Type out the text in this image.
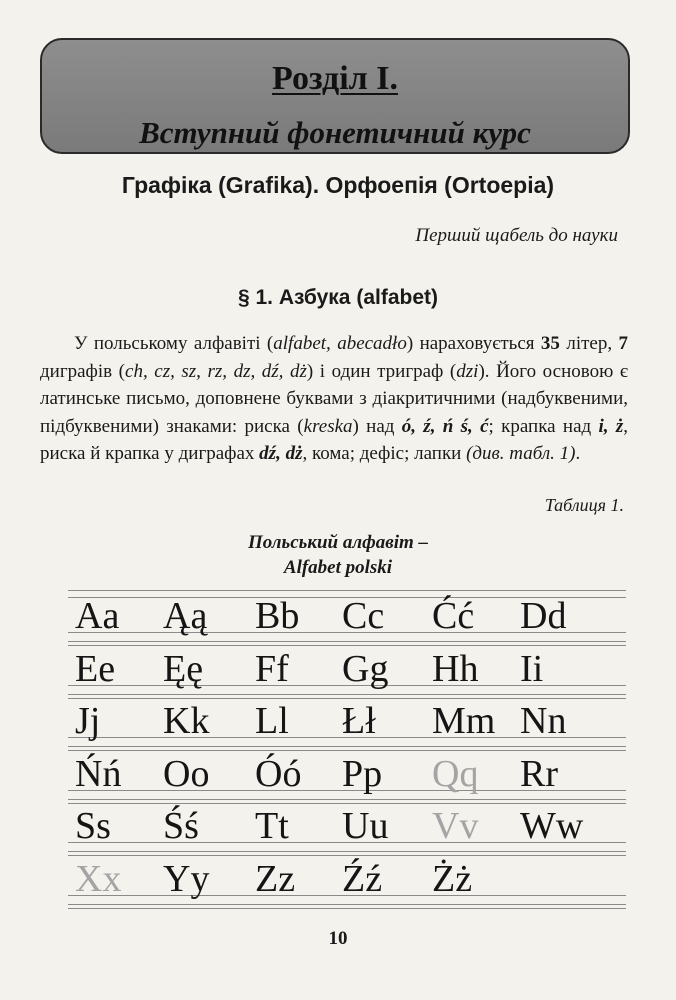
Розділ I.
Вступний фонетичний курс
Графіка (Grafika). Орфоепія (Ortoepia)
Перший щабель до науки
§ 1. Азбука (alfabet)
У польському алфавіті (alfabet, abecadło) нараховується 35 літер, 7 диграфів (ch, cz, sz, rz, dz, dź, dż) і один триграф (dzi). Його основою є латинське письмо, доповнене буквами з діакритичними (надбуквеними, підбуквеними) знаками: риска (kreska) над ó, ź, ń ś, ć; крапка над і, ż, риска й крапка у диграфах dź, dż, кома; дефіс; лапки (див. табл. 1).
Таблиця 1.
Польський алфавіт –
Alfabet polski
Aa Ąą Bb Cc Ćć Dd
Ee Ęę Ff Gg Hh Ii
Jj Kk Ll Łł Mm Nn
Ńń Oo Óó Pp Qq Rr
Ss Śś Tt Uu Vv Ww
Xx Yy Zz Źź Żż
10
